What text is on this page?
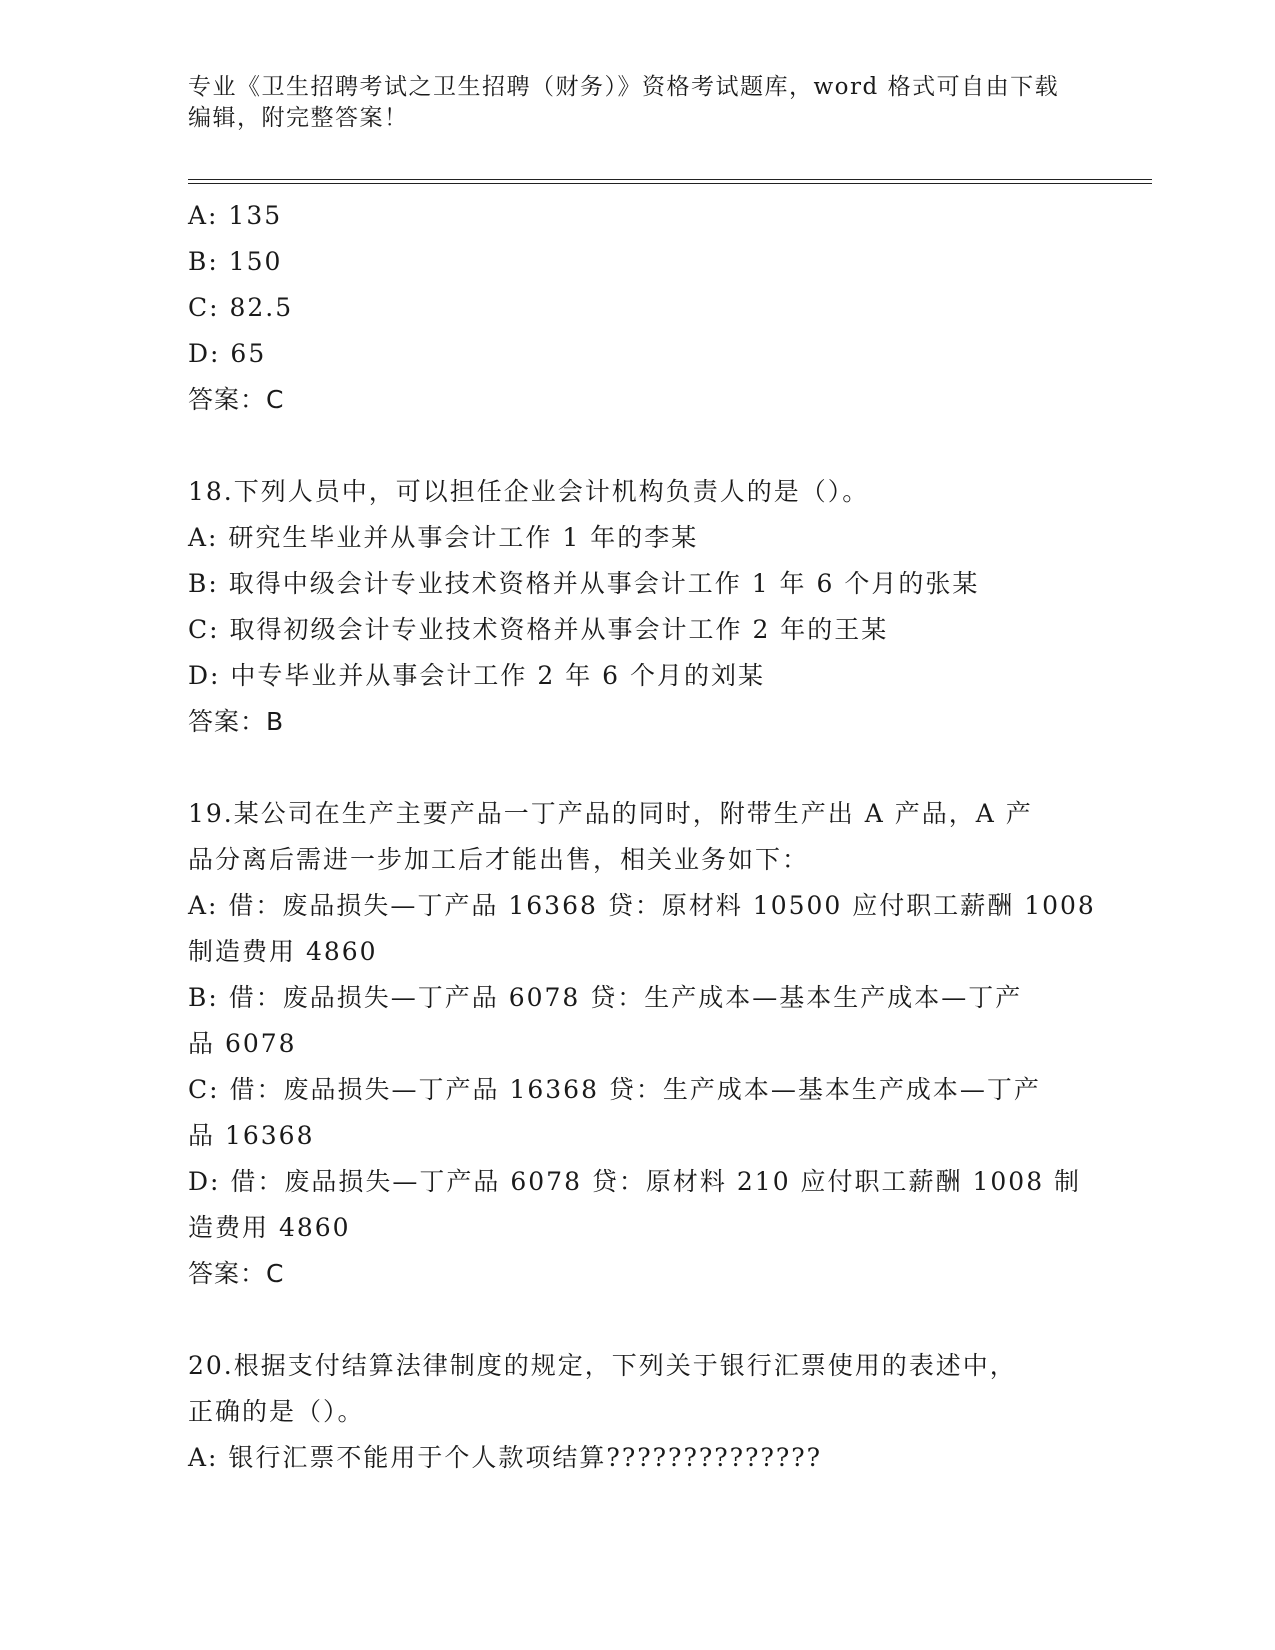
专业《卫生招聘考试之卫生招聘（财务）》资格考试题库，word 格式可自由下载
编辑，附完整答案！
A: 135
B: 150
C: 82.5
D: 65
答案：C
18.下列人员中，可以担任企业会计机构负责人的是（）。
A: 研究生毕业并从事会计工作 1 年的李某
B: 取得中级会计专业技术资格并从事会计工作 1 年 6 个月的张某
C: 取得初级会计专业技术资格并从事会计工作 2 年的王某
D: 中专毕业并从事会计工作 2 年 6 个月的刘某
答案：B
19.某公司在生产主要产品一丁产品的同时，附带生产出 A 产品，A 产
品分离后需进一步加工后才能出售，相关业务如下：
A: 借：废品损失—丁产品 16368 贷：原材料 10500 应付职工薪酬 1008
制造费用 4860
B: 借：废品损失—丁产品 6078 贷：生产成本—基本生产成本—丁产
品 6078
C: 借：废品损失—丁产品 16368 贷：生产成本—基本生产成本—丁产
品 16368
D: 借：废品损失—丁产品 6078 贷：原材料 210 应付职工薪酬 1008 制
造费用 4860
答案：C
20.根据支付结算法律制度的规定，下列关于银行汇票使用的表述中，
正确的是（）。
A: 银行汇票不能用于个人款项结算??????????????
